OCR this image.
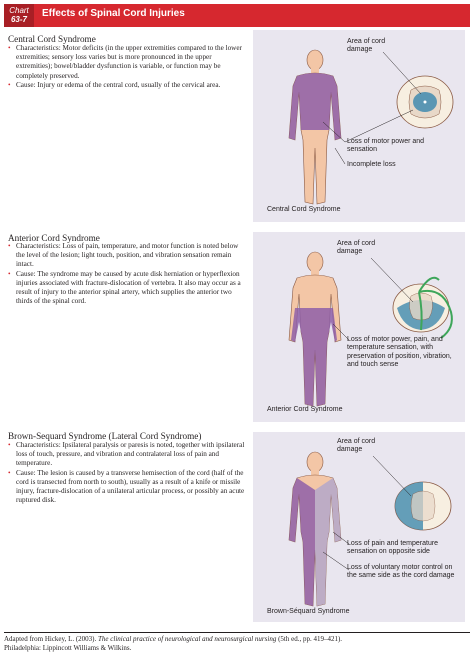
Chart
63-7
Effects of Spinal Cord Injuries
Central Cord Syndrome
• Characteristics: Motor deficits (in the upper extremities compared to the lower extremities; sensory loss varies but is more pronounced in the upper extremities); bowel/bladder dysfunction is variable, or function may be completely preserved.
• Cause: Injury or edema of the central cord, usually of the cervical area.
Area of cord damage
Loss of motor power and sensation
Incomplete loss
Central Cord Syndrome
Anterior Cord Syndrome
• Characteristics: Loss of pain, temperature, and motor function is noted below the level of the lesion; light touch, position, and vibration sensation remain intact.
• Cause: The syndrome may be caused by acute disk herniation or hyperflexion injuries associated with fracture-dislocation of vertebra. It also may occur as a result of injury to the anterior spinal artery, which supplies the anterior two thirds of the spinal cord.
Area of cord damage
Loss of motor power, pain, and temperature sensation, with preservation of position, vibration, and touch sense
Anterior Cord Syndrome
Brown-Sequard Syndrome (Lateral Cord Syndrome)
• Characteristics: Ipsilateral paralysis or paresis is noted, together with ipsilateral loss of touch, pressure, and vibration and contralateral loss of pain and temperature.
• Cause: The lesion is caused by a transverse hemisection of the cord (half of the cord is transected from north to south), usually as a result of a knife or missile injury, fracture-dislocation of a unilateral articular process, or possibly an acute ruptured disk.
Area of cord damage
Loss of pain and temperature sensation on opposite side
Loss of voluntary motor control on the same side as the cord damage
Brown-Séquard Syndrome
Adapted from Hickey, L. (2003). The clinical practice of neurological and neurosurgical nursing (5th ed., pp. 419–421).
Philadelphia: Lippincott Williams & Wilkins.
